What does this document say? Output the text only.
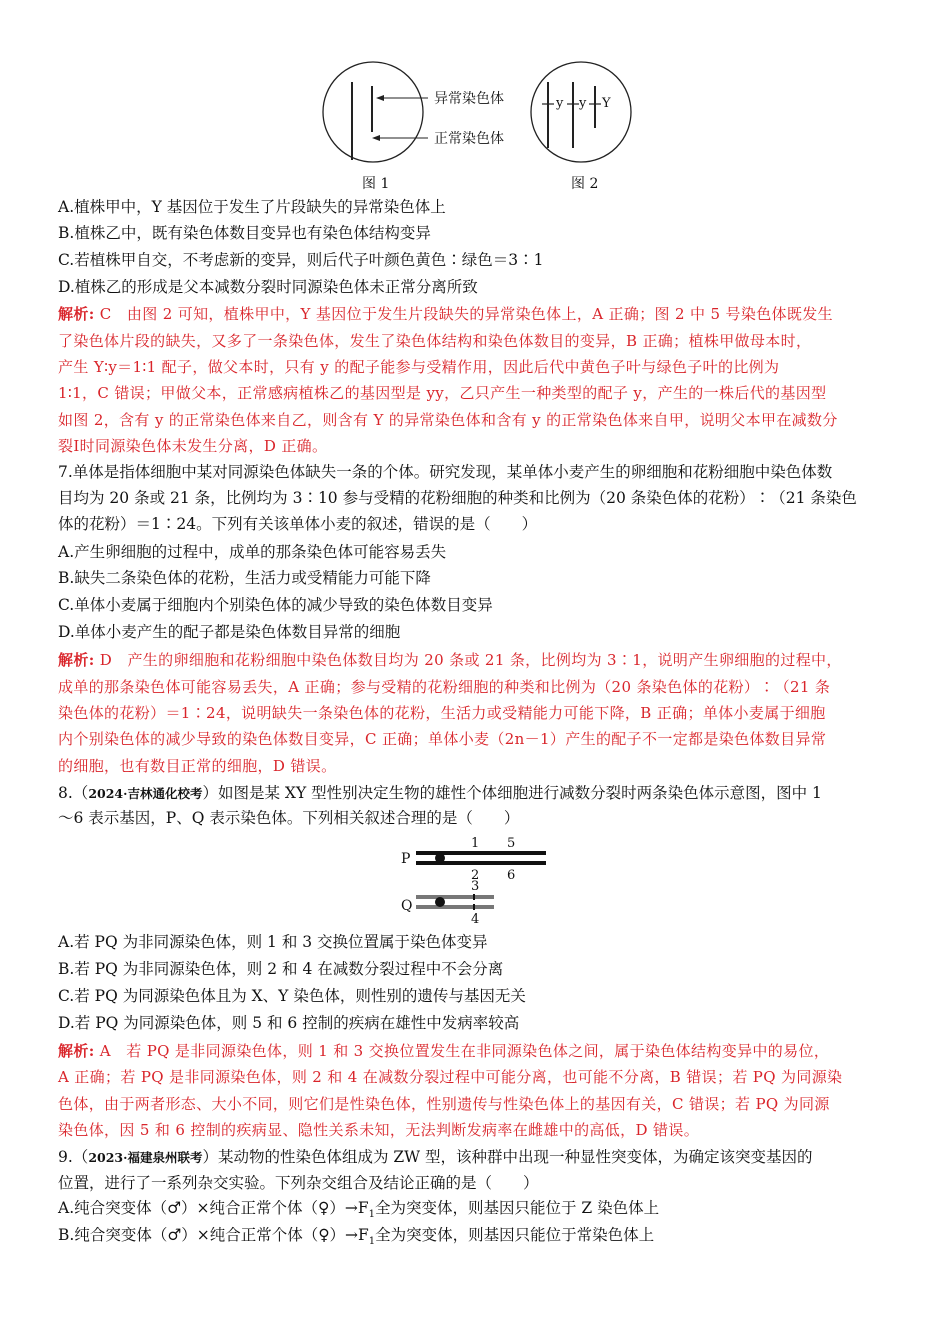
异常染色体
正常染色体
图 1
y y Y
图 2
A.植株甲中，Y 基因位于发生了片段缺失的异常染色体上
B.植株乙中，既有染色体数目变异也有染色体结构变异
C.若植株甲自交，不考虑新的变异，则后代子叶颜色黄色∶绿色＝3∶1
D.植株乙的形成是父本减数分裂时同源染色体未正常分离所致
解析: C　由图 2 可知，植株甲中，Y 基因位于发生片段缺失的异常染色体上，A 正确；图 2 中 5 号染色体既发生
了染色体片段的缺失，又多了一条染色体，发生了染色体结构和染色体数目的变异，B 正确；植株甲做母本时，
产生 Y∶y＝1∶1 配子，做父本时，只有 y 的配子能参与受精作用，因此后代中黄色子叶与绿色子叶的比例为
1∶1，C 错误；甲做父本，正常感病植株乙的基因型是 yy，乙只产生一种类型的配子 y，产生的一株后代的基因型
如图 2，含有 y 的正常染色体来自乙，则含有 Y 的异常染色体和含有 y 的正常染色体来自甲，说明父本甲在减数分
裂Ⅰ时同源染色体未发生分离，D 正确。
7.单体是指体细胞中某对同源染色体缺失一条的个体。研究发现，某单体小麦产生的卵细胞和花粉细胞中染色体数
目均为 20 条或 21 条，比例均为 3∶10 参与受精的花粉细胞的种类和比例为（20 条染色体的花粉）∶（21 条染色
体的花粉）＝1∶24。下列有关该单体小麦的叙述，错误的是（　　）
A.产生卵细胞的过程中，成单的那条染色体可能容易丢失
B.缺失二条染色体的花粉，生活力或受精能力可能下降
C.单体小麦属于细胞内个别染色体的减少导致的染色体数目变异
D.单体小麦产生的配子都是染色体数目异常的细胞
解析: D　产生的卵细胞和花粉细胞中染色体数目均为 20 条或 21 条，比例均为 3∶1，说明产生卵细胞的过程中，
成单的那条染色体可能容易丢失，A 正确；参与受精的花粉细胞的种类和比例为（20 条染色体的花粉）∶（21 条
染色体的花粉）＝1∶24，说明缺失一条染色体的花粉，生活力或受精能力可能下降，B 正确；单体小麦属于细胞
内个别染色体的减少导致的染色体数目变异，C 正确；单体小麦（2n－1）产生的配子不一定都是染色体数目异常
的细胞，也有数目正常的细胞，D 错误。
8.（2024·吉林通化校考）如图是某 XY 型性别决定生物的雄性个体细胞进行减数分裂时两条染色体示意图，图中 1
～6 表示基因，P、Q 表示染色体。下列相关叙述合理的是（　　）
1 5
P
2 6
3
Q
4
A.若 PQ 为非同源染色体，则 1 和 3 交换位置属于染色体变异
B.若 PQ 为非同源染色体，则 2 和 4 在减数分裂过程中不会分离
C.若 PQ 为同源染色体且为 X、Y 染色体，则性别的遗传与基因无关
D.若 PQ 为同源染色体，则 5 和 6 控制的疾病在雄性中发病率较高
解析: A　若 PQ 是非同源染色体，则 1 和 3 交换位置发生在非同源染色体之间，属于染色体结构变异中的易位，
A 正确；若 PQ 是非同源染色体，则 2 和 4 在减数分裂过程中可能分离，也可能不分离，B 错误；若 PQ 为同源染
色体，由于两者形态、大小不同，则它们是性染色体，性别遗传与性染色体上的基因有关，C 错误；若 PQ 为同源
染色体，因 5 和 6 控制的疾病显、隐性关系未知，无法判断发病率在雌雄中的高低，D 错误。
9.（2023·福建泉州联考）某动物的性染色体组成为 ZW 型，该种群中出现一种显性突变体，为确定该突变基因的
位置，进行了一系列杂交实验。下列杂交组合及结论正确的是（　　）
A.纯合突变体（♂）×纯合正常个体$(♀)\to F_1$全为突变体，则基因只能位于 Z 染色体上
B.纯合突变体（♂）×纯合正常个体$(♀)\to F_1$全为突变体，则基因只能位于常染色体上
